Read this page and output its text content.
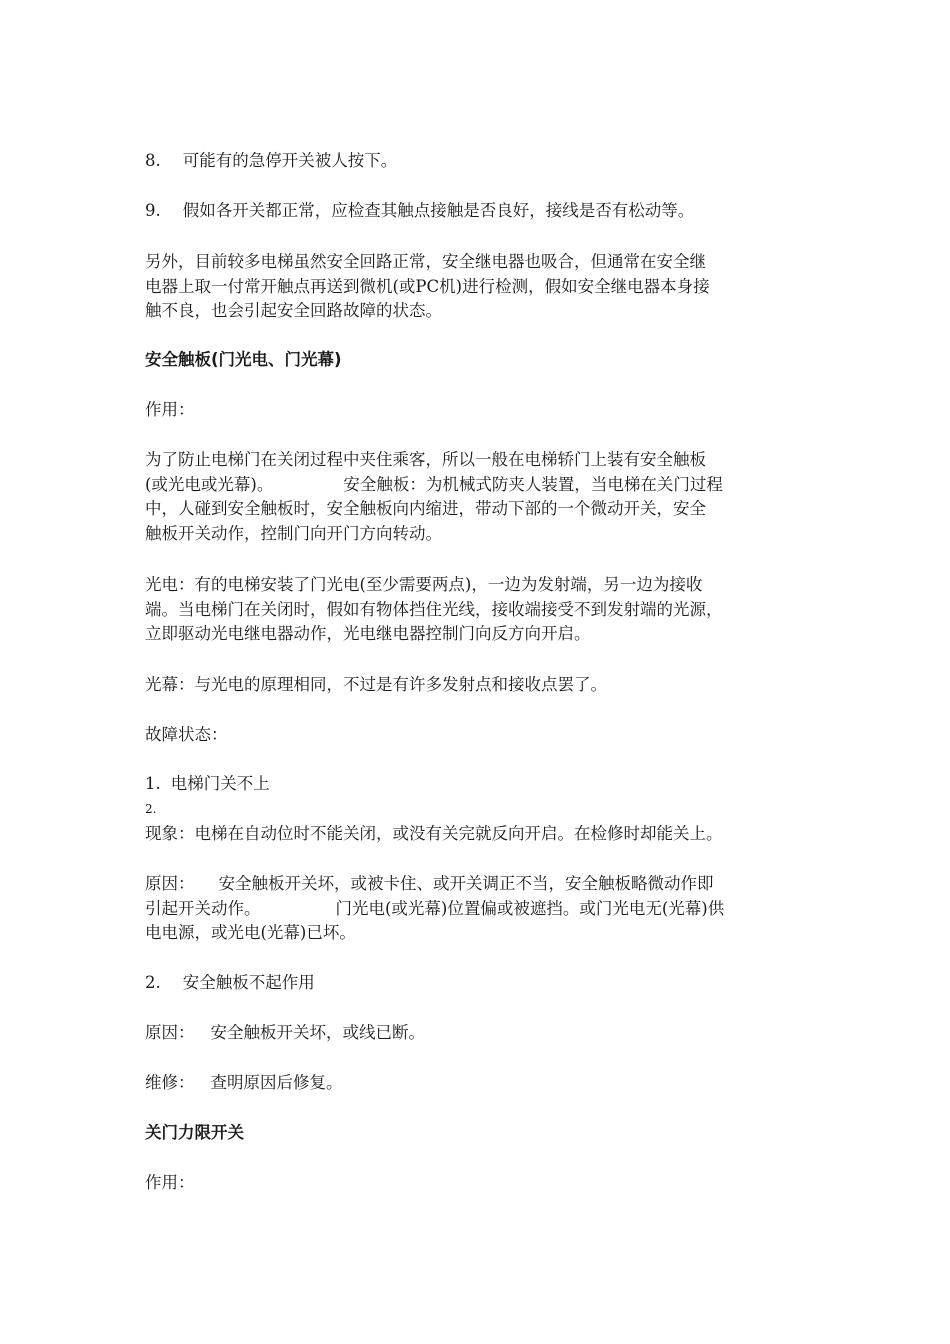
8. 可能有的急停开关被人按下。
9. 假如各开关都正常，应检查其触点接触是否良好，接线是否有松动等。
另外，目前较多电梯虽然安全回路正常，安全继电器也吸合，但通常在安全继
电器上取一付常开触点再送到微机(或PC机)进行检测，假如安全继电器本身接
触不良，也会引起安全回路故障的状态。
安全触板(门光电、门光幕)
作用：
为了防止电梯门在关闭过程中夹住乘客，所以一般在电梯轿门上装有安全触板
(或光电或光幕)。	安全触板：为机械式防夹人装置，当电梯在关门过程
中，人碰到安全触板时，安全触板向内缩进，带动下部的一个微动开关，安全
触板开关动作，控制门向开门方向转动。
光电：有的电梯安装了门光电(至少需要两点)，一边为发射端，另一边为接收
端。当电梯门在关闭时，假如有物体挡住光线，接收端接受不到发射端的光源，
立即驱动光电继电器动作，光电继电器控制门向反方向开启。
光幕：与光电的原理相同，不过是有许多发射点和接收点罢了。
故障状态：
1. 电梯门关不上
2.
现象：电梯在自动位时不能关闭，或没有关完就反向开启。在检修时却能关上。
原因： 安全触板开关坏，或被卡住、或开关调正不当，安全触板略微动作即
引起开关动作。	门光电(或光幕)位置偏或被遮挡。或门光电无(光幕)供
电电源，或光电(光幕)已坏。
2. 安全触板不起作用
原因： 安全触板开关坏，或线已断。
维修： 查明原因后修复。
关门力限开关
作用：
